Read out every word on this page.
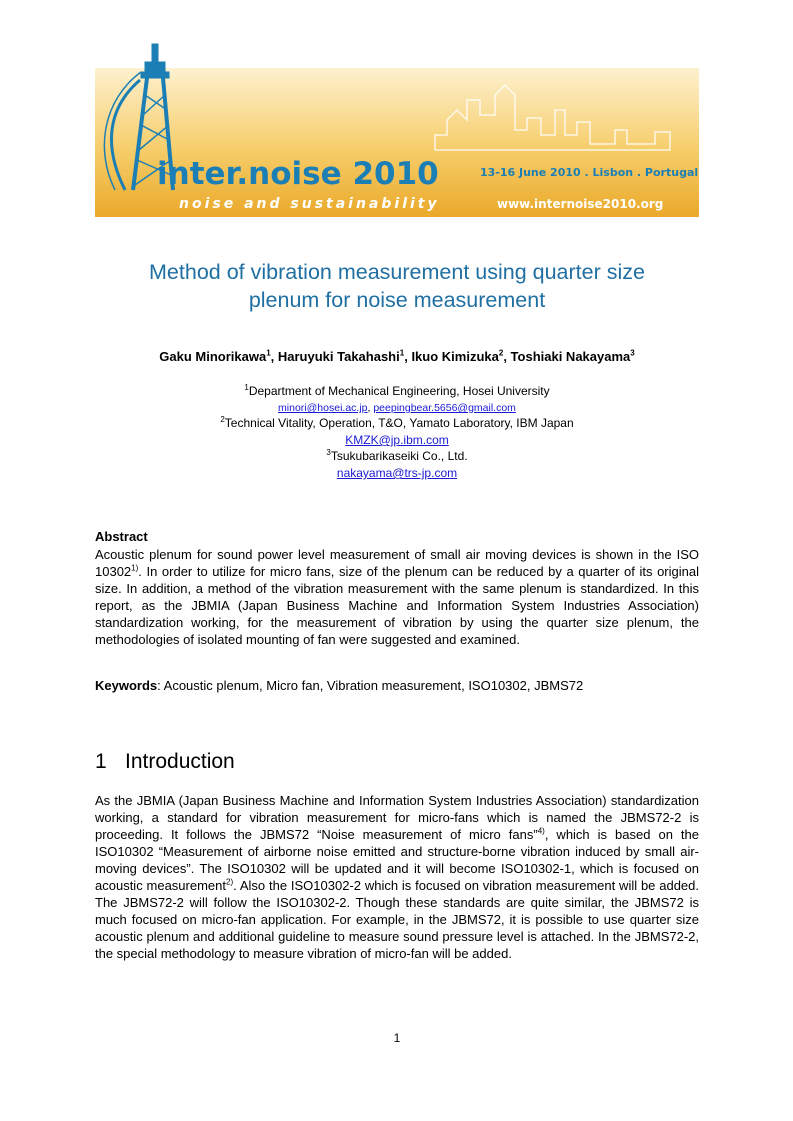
inter.noise 2010
noise and sustainability
13-16 June 2010 . Lisbon . Portugal
www.internoise2010.org
Method of vibration measurement using quarter size
plenum for noise measurement

Gaku Minorikawa$^1$, Haruyuki Takahashi$^1$, Ikuo Kimizuka$^2$, Toshiaki Nakayama$^3$

$^1$Department of Mechanical Engineering, Hosei University

minori@hosei.ac.jp, peepingbear.5656@gmail.com

$^2$Technical Vitality, Operation, T&O, Yamato Laboratory, IBM Japan

KMZK@jp.ibm.com

$^3$Tsukubarikaseiki Co., Ltd.

nakayama@trs-jp.com

Abstract

Acoustic plenum for sound power level measurement of small air moving devices is shown in the ISO 10302$^{1)}$. In order to utilize for micro fans, size of the plenum can be reduced by a quarter of its original size. In addition, a method of the vibration measurement with the same plenum is standardized. In this report, as the JBMIA (Japan Business Machine and Information System Industries Association) standardization working, for the measurement of vibration by using the quarter size plenum, the methodologies of isolated mounting of fan were suggested and examined.

Keywords: Acoustic plenum, Micro fan, Vibration measurement, ISO10302, JBMS72

1 Introduction

As the JBMIA (Japan Business Machine and Information System Industries Association) standardization working, a standard for vibration measurement for micro-fans which is named the JBMS72-2 is proceeding. It follows the JBMS72 “Noise measurement of micro fans”$^{4)}$, which is based on the ISO10302 “Measurement of airborne noise emitted and structure-borne vibration induced by small air-moving devices”. The ISO10302 will be updated and it will become ISO10302-1, which is focused on acoustic measurement$^{2)}$. Also the ISO10302-2 which is focused on vibration measurement will be added. The JBMS72-2 will follow the ISO10302-2. Though these standards are quite similar, the JBMS72 is much focused on micro-fan application. For example, in the JBMS72, it is possible to use quarter size acoustic plenum and additional guideline to measure sound pressure level is attached. In the JBMS72-2, the special methodology to measure vibration of micro-fan will be added.

1
